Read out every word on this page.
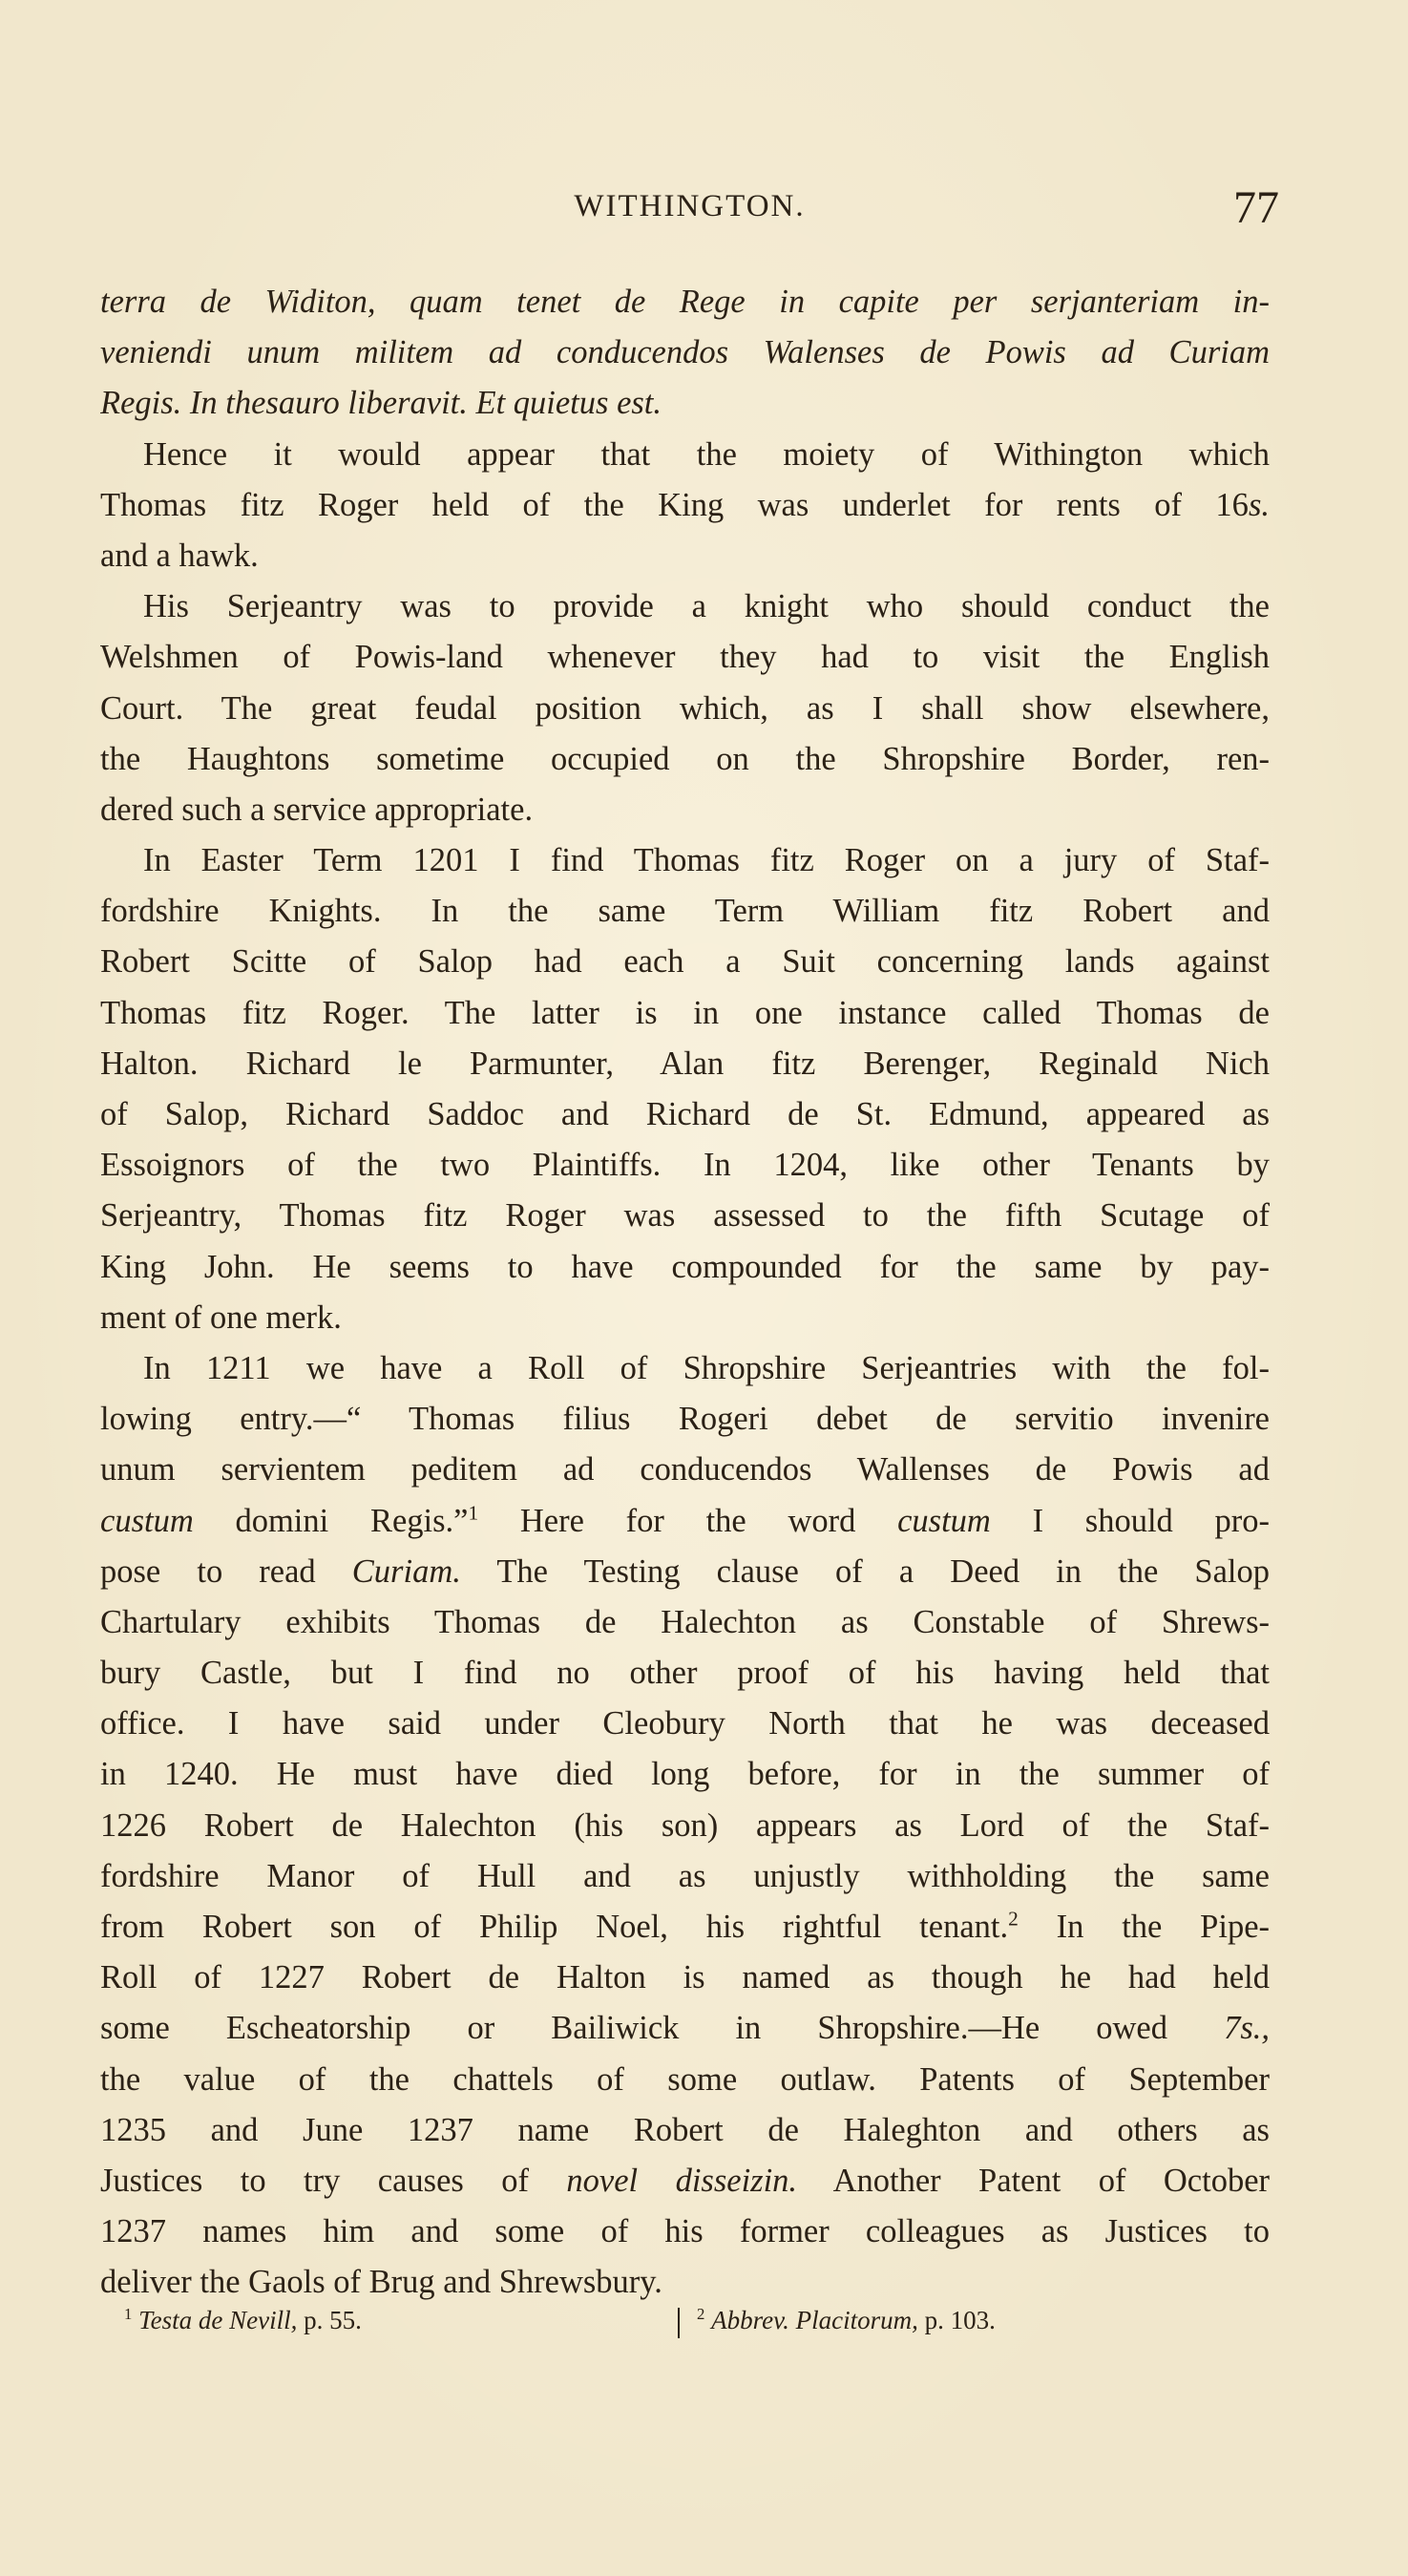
WITHINGTON.	77
terra de Widiton, quam tenet de Rege in capite per serjanteriam in-
veniendi unum militem ad conducendos Walenses de Powis ad Curiam
Regis. In thesauro liberavit. Et quietus est.
Hence it would appear that the moiety of Withington which
Thomas fitz Roger held of the King was underlet for rents of 16s.
and a hawk.
His Serjeantry was to provide a knight who should conduct the
Welshmen of Powis-land whenever they had to visit the English
Court. The great feudal position which, as I shall show elsewhere,
the Haughtons sometime occupied on the Shropshire Border, ren-
dered such a service appropriate.
In Easter Term 1201 I find Thomas fitz Roger on a jury of Staf-
fordshire Knights. In the same Term William fitz Robert and
Robert Scitte of Salop had each a Suit concerning lands against
Thomas fitz Roger. The latter is in one instance called Thomas de
Halton. Richard le Parmunter, Alan fitz Berenger, Reginald Nich
of Salop, Richard Saddoc and Richard de St. Edmund, appeared as
Essoignors of the two Plaintiffs. In 1204, like other Tenants by
Serjeantry, Thomas fitz Roger was assessed to the fifth Scutage of
King John. He seems to have compounded for the same by pay-
ment of one merk.
In 1211 we have a Roll of Shropshire Serjeantries with the fol-
lowing entry.—“ Thomas filius Rogeri debet de servitio invenire
unum servientem peditem ad conducendos Wallenses de Powis ad
custum domini Regis.”$^1$ Here for the word custum I should pro-
pose to read Curiam. The Testing clause of a Deed in the Salop
Chartulary exhibits Thomas de Halechton as Constable of Shrews-
bury Castle, but I find no other proof of his having held that
office. I have said under Cleobury North that he was deceased
in 1240. He must have died long before, for in the summer of
1226 Robert de Halechton (his son) appears as Lord of the Staf-
fordshire Manor of Hull and as unjustly withholding the same
from Robert son of Philip Noel, his rightful tenant.$^2$ In the Pipe-
Roll of 1227 Robert de Halton is named as though he had held
some Escheatorship or Bailiwick in Shropshire.—He owed 7s.,
the value of the chattels of some outlaw. Patents of September
1235 and June 1237 name Robert de Haleghton and others as
Justices to try causes of novel disseizin. Another Patent of October
1237 names him and some of his former colleagues as Justices to
deliver the Gaols of Brug and Shrewsbury.
$^1$ Testa de Nevill, p. 55.	$^2$ Abbrev. Placitorum, p. 103.
